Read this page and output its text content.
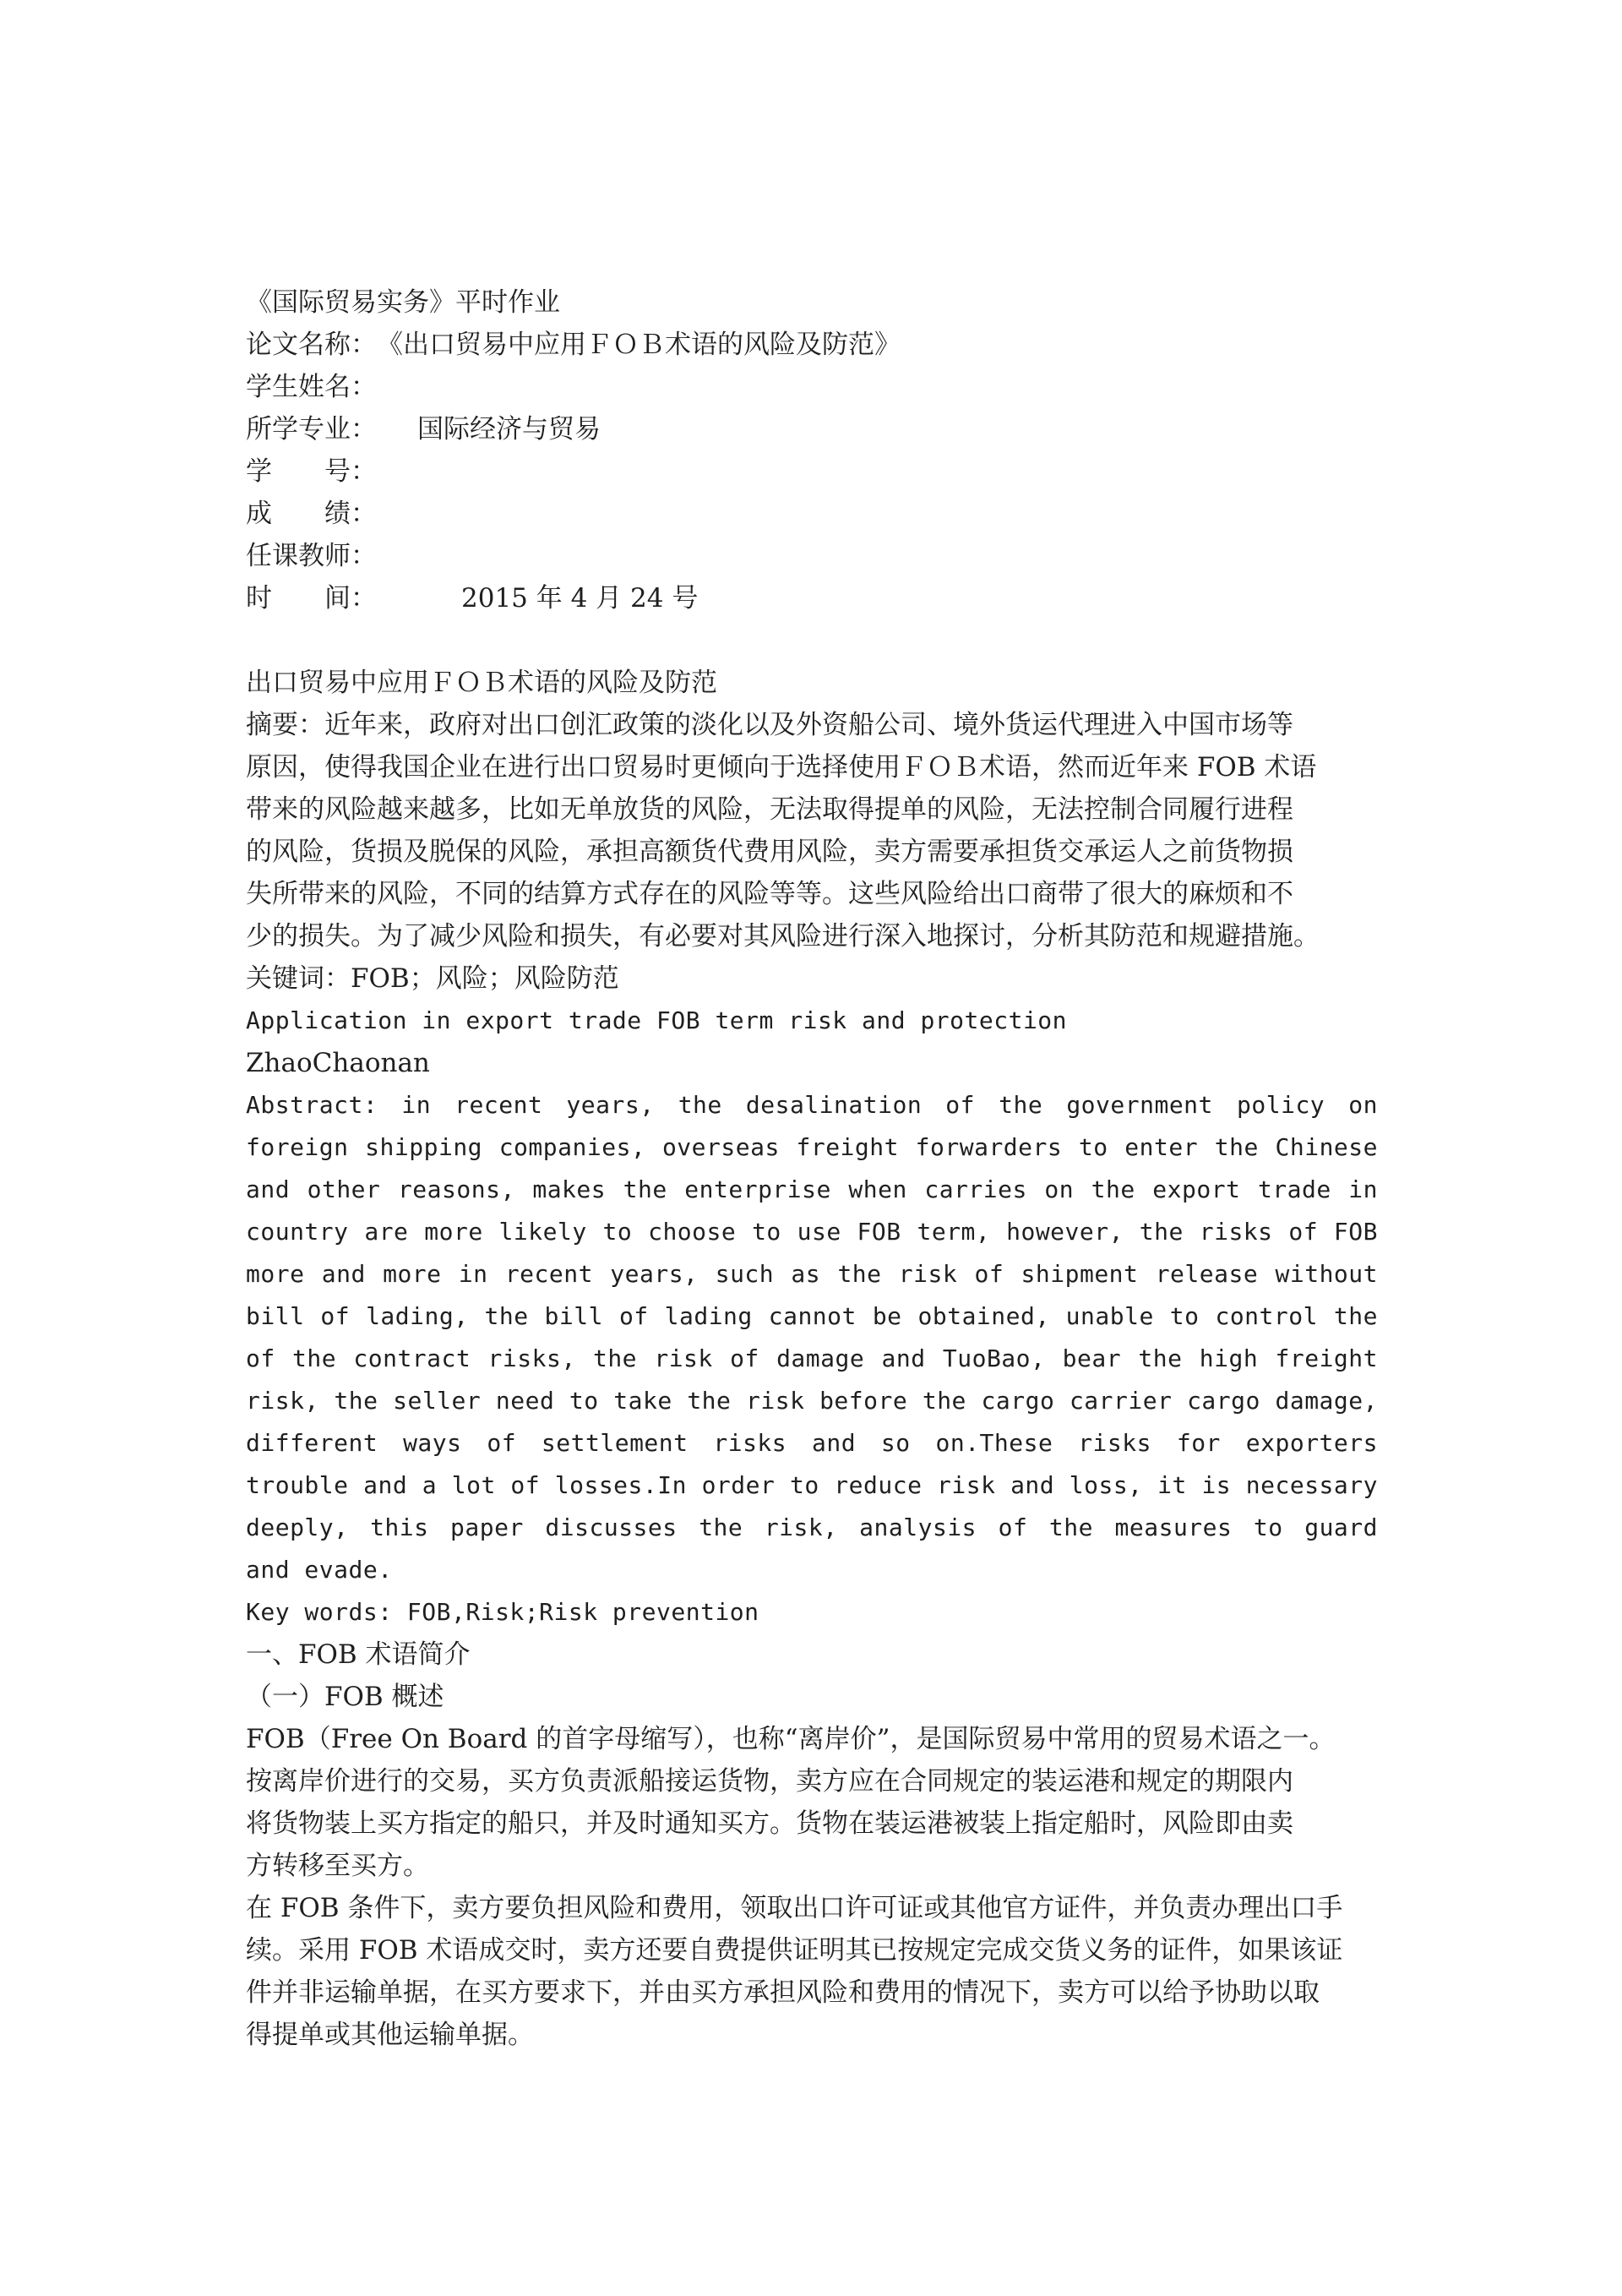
《国际贸易实务》平时作业
论文名称：《出口贸易中应用ＦＯＢ术语的风险及防范》
学生姓名：
所学专业： 国际经济与贸易
学　　号：
成　　绩：
任课教师：
时　　间：	2015 年 4 月 24 号
出口贸易中应用ＦＯＢ术语的风险及防范
摘要：近年来，政府对出口创汇政策的淡化以及外资船公司、境外货运代理进入中国市场等
原因，使得我国企业在进行出口贸易时更倾向于选择使用ＦＯＢ术语，然而近年来 FOB 术语
带来的风险越来越多，比如无单放货的风险，无法取得提单的风险，无法控制合同履行进程
的风险，货损及脱保的风险，承担高额货代费用风险，卖方需要承担货交承运人之前货物损
失所带来的风险，不同的结算方式存在的风险等等。这些风险给出口商带了很大的麻烦和不
少的损失。为了减少风险和损失，有必要对其风险进行深入地探讨，分析其防范和规避措施。
关键词：FOB；风险；风险防范
Application in export trade FOB term risk and protection
ZhaoChaonan
Abstract: in recent years, the desalination of the government policy on
foreign shipping companies, overseas freight forwarders to enter the Chinese
and other reasons, makes the enterprise when carries on the export trade in
country are more likely to choose to use FOB term, however, the risks of FOB
more and more in recent years, such as the risk of shipment release without
bill of lading, the bill of lading cannot be obtained, unable to control the
of the contract risks, the risk of damage and TuoBao, bear the high freight
risk, the seller need to take the risk before the cargo carrier cargo damage,
different ways of settlement risks and so on.These risks for exporters
trouble and a lot of losses.In order to reduce risk and loss, it is necessary
deeply, this paper discusses the risk, analysis of the measures to guard
and evade.
Key words: FOB,Risk;Risk prevention
一、FOB 术语简介
（一）FOB 概述
FOB（Free On Board 的首字母缩写），也称“离岸价”，是国际贸易中常用的贸易术语之一。
按离岸价进行的交易，买方负责派船接运货物，卖方应在合同规定的装运港和规定的期限内
将货物装上买方指定的船只，并及时通知买方。货物在装运港被装上指定船时，风险即由卖
方转移至买方。
在 FOB 条件下，卖方要负担风险和费用，领取出口许可证或其他官方证件，并负责办理出口手
续。采用 FOB 术语成交时，卖方还要自费提供证明其已按规定完成交货义务的证件，如果该证
件并非运输单据，在买方要求下，并由买方承担风险和费用的情况下，卖方可以给予协助以取
得提单或其他运输单据。
